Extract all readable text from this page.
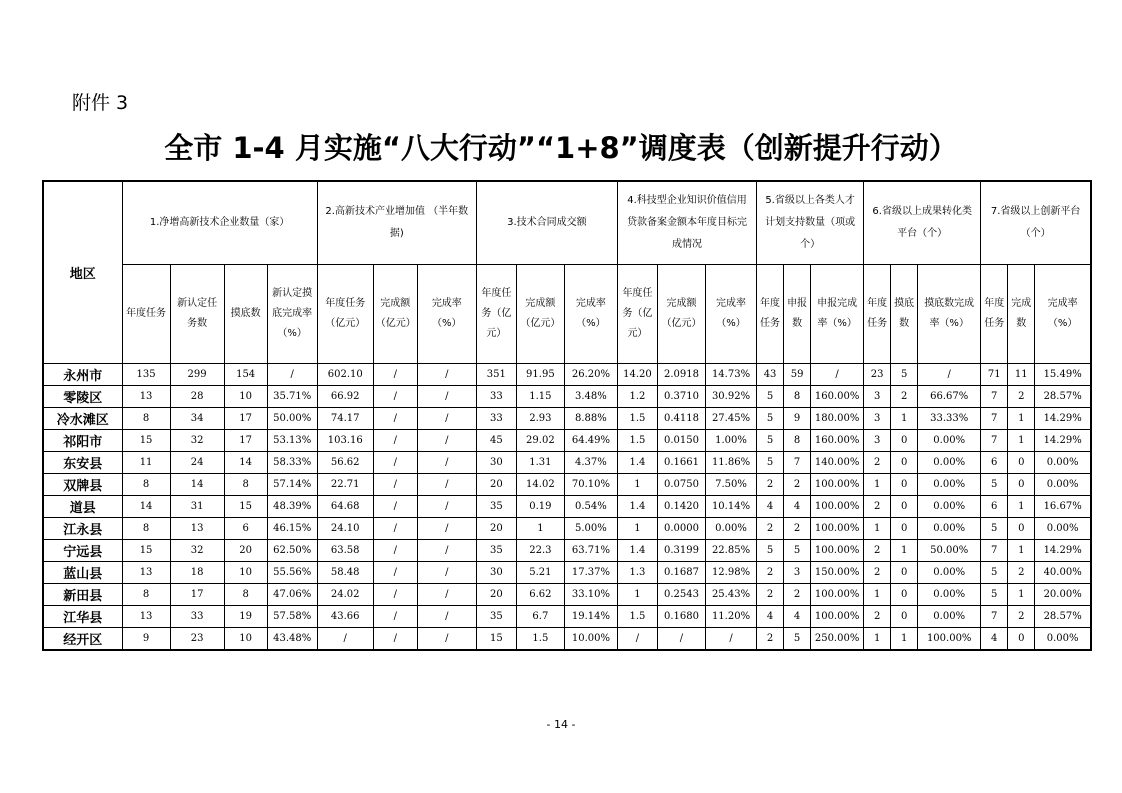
附件 3
全市 1-4 月实施“八大行动”“1+8”调度表（创新提升行动）
地区	1.净增高新技术企业数量（家）				2.高新技术产业增加值 （半年数据)			3.技术合同成交额			4.科技型企业知识价值信用贷款备案金额本年度目标完成情况			5.省级以上各类人才计划支持数量（项或个）			6.省级以上成果转化类平台（个）			7.省级以上创新平台（个）		
	年度任务	新认定任务数	摸底数	新认定摸底完成率（%）	年度任务（亿元）	完成额（亿元）	完成率（%）	年度任务（亿元）	完成额（亿元）	完成率（%）	年度任务（亿元）	完成额（亿元）	完成率（%）	年度任务	申报数	申报完成率（%）	年度任务	摸底数	摸底数完成率（%）	年度任务	完成数	完成率（%）
永州市	135	299	154	/	602.10	/	/	351	91.95	26.20%	14.20	2.0918	14.73%	43	59	/	23	5	/	71	11	15.49%
零陵区	13	28	10	35.71%	66.92	/	/	33	1.15	3.48%	1.2	0.3710	30.92%	5	8	160.00%	3	2	66.67%	7	2	28.57%
冷水滩区	8	34	17	50.00%	74.17	/	/	33	2.93	8.88%	1.5	0.4118	27.45%	5	9	180.00%	3	1	33.33%	7	1	14.29%
祁阳市	15	32	17	53.13%	103.16	/	/	45	29.02	64.49%	1.5	0.0150	1.00%	5	8	160.00%	3	0	0.00%	7	1	14.29%
东安县	11	24	14	58.33%	56.62	/	/	30	1.31	4.37%	1.4	0.1661	11.86%	5	7	140.00%	2	0	0.00%	6	0	0.00%
双牌县	8	14	8	57.14%	22.71	/	/	20	14.02	70.10%	1	0.0750	7.50%	2	2	100.00%	1	0	0.00%	5	0	0.00%
道县	14	31	15	48.39%	64.68	/	/	35	0.19	0.54%	1.4	0.1420	10.14%	4	4	100.00%	2	0	0.00%	6	1	16.67%
江永县	8	13	6	46.15%	24.10	/	/	20	1	5.00%	1	0.0000	0.00%	2	2	100.00%	1	0	0.00%	5	0	0.00%
宁远县	15	32	20	62.50%	63.58	/	/	35	22.3	63.71%	1.4	0.3199	22.85%	5	5	100.00%	2	1	50.00%	7	1	14.29%
蓝山县	13	18	10	55.56%	58.48	/	/	30	5.21	17.37%	1.3	0.1687	12.98%	2	3	150.00%	2	0	0.00%	5	2	40.00%
新田县	8	17	8	47.06%	24.02	/	/	20	6.62	33.10%	1	0.2543	25.43%	2	2	100.00%	1	0	0.00%	5	1	20.00%
江华县	13	33	19	57.58%	43.66	/	/	35	6.7	19.14%	1.5	0.1680	11.20%	4	4	100.00%	2	0	0.00%	7	2	28.57%
经开区	9	23	10	43.48%	/	/	/	15	1.5	10.00%	/	/	/	2	5	250.00%	1	1	100.00%	4	0	0.00%
- 14 -
